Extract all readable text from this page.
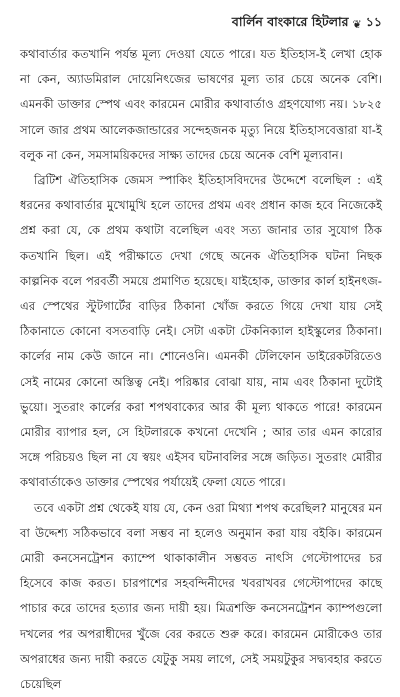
বার্লিন বাংকারে হিটলার ❦ ১১

কথাবার্তার কতখানি পর্যন্ত মূল্য দেওয়া যেতে পারে। যত ইতিহাস-ই লেখা হোক না কেন, অ্যাডমিরাল দোয়েনিৎজের ভাষণের মূল্য তার চেয়ে অনেক বেশি। এমনকী ডাক্তার স্পেথ এবং কারমেন মোরীর কথাবার্তাও গ্রহণযোগ্য নয়। ১৮২৫ সালে জার প্রথম আলেকজান্ডারের সন্দেহজনক মৃত্যু নিয়ে ইতিহাসবেত্তারা যা-ই বলুক না কেন, সমসাময়িকদের সাক্ষ্য তাদের চেয়ে অনেক বেশি মূল্যবান।

ব্রিটিশ ঐতিহাসিক জেমস স্পাকিং ইতিহাসবিদদের উদ্দেশে বলেছিল : এই ধরনের কথাবার্তার মুখোমুখি হলে তাদের প্রথম এবং প্রধান কাজ হবে নিজেকেই প্রশ্ন করা যে, কে প্রথম কথাটা বলেছিল এবং সত্য জানার তার সুযোগ ঠিক কতখানি ছিল। এই পরীক্ষাতে দেখা গেছে অনেক ঐতিহাসিক ঘটনা নিছক কাল্পনিক বলে পরবর্তী সময়ে প্রমাণিত হয়েছে। যাইহোক, ডাক্তার কার্ল হাইনৎজ-এর স্পেথের স্টুটগার্টের বাড়ির ঠিকানা খোঁজ করতে গিয়ে দেখা যায় সেই ঠিকানাতে কোনো বসতবাড়ি নেই। সেটা একটা টেকনিক্যাল হাইস্কুলের ঠিকানা। কার্লের নাম কেউ জানে না। শোনেওনি। এমনকী টেলিফোন ডাইরেকটরিতেও সেই নামের কোনো অস্তিত্ব নেই। পরিষ্কার বোঝা যায়, নাম এবং ঠিকানা দুটোই ভুয়ো। সুতরাং কার্লের করা শপথবাক্যের আর কী মূল্য থাকতে পারে! কারমেন মোরীর ব্যাপার হল, সে হিটলারকে কখনো দেখেনি ; আর তার এমন কারোর সঙ্গে পরিচয়ও ছিল না যে স্বয়ং এইসব ঘটনাবলির সঙ্গে জড়িত। সুতরাং মোরীর কথাবার্তাকেও ডাক্তার স্পেথের পর্যায়েই ফেলা যেতে পারে।

তবে একটা প্রশ্ন থেকেই যায় যে, কেন ওরা মিথ্যা শপথ করেছিল? মানুষের মন বা উদ্দেশ্য সঠিকভাবে বলা সম্ভব না হলেও অনুমান করা যায় বইকি। কারমেন মোরী কনসেনট্রেশন ক্যাম্পে থাকাকালীন সম্ভবত নাৎসি গেস্টোপাদের চর হিসেবে কাজ করত। চারপাশের সহবন্দিনীদের খবরাখবর গেস্টোপাদের কাছে পাচার করে তাদের হত্যার জন্য দায়ী হয়। মিত্রশক্তি কনসেনট্রেশন ক্যাম্পগুলো দখলের পর অপরাধীদের খুঁজে বের করতে শুরু করে। কারমেন মোরীকেও তার অপরাধের জন্য দায়ী করতে যেটুকু সময় লাগে, সেই সময়টুকুর সদ্ব্যবহার করতে চেয়েছিল
